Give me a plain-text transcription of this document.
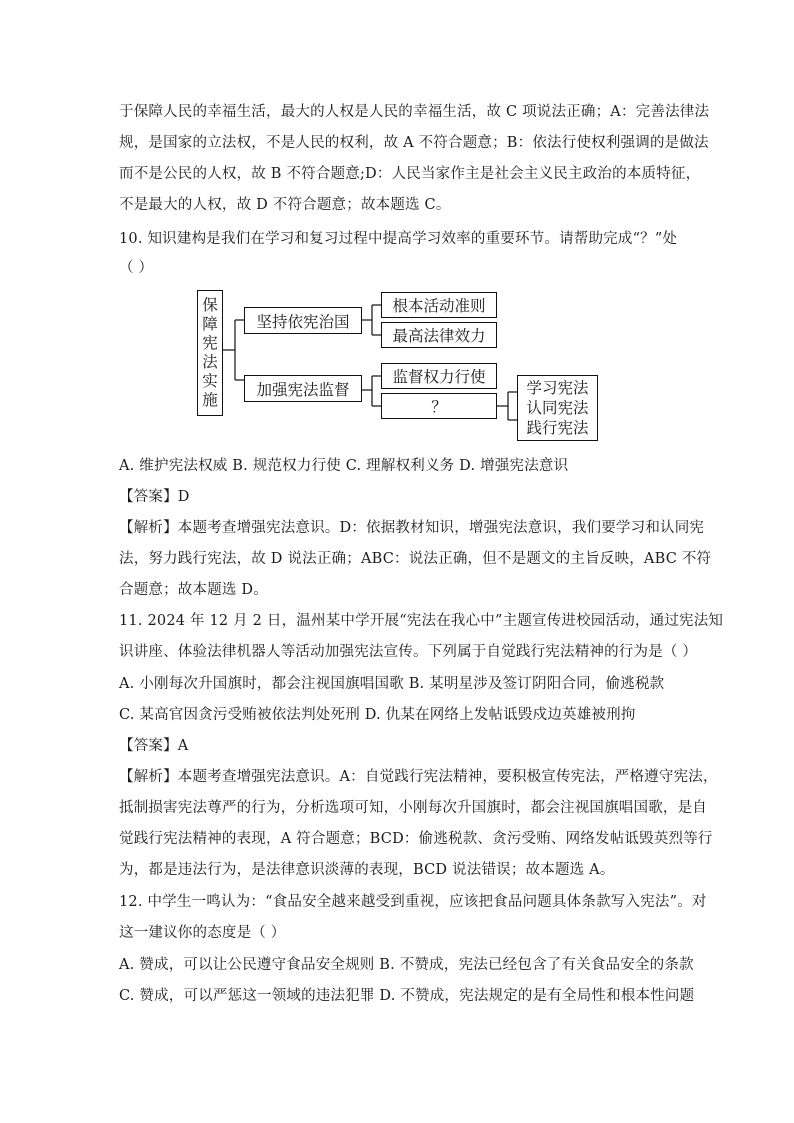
于保障人民的幸福生活，最大的人权是人民的幸福生活，故 C 项说法正确；A：完善法律法
规，是国家的立法权，不是人民的权利，故 A 不符合题意；B：依法行使权利强调的是做法
而不是公民的人权，故 B 不符合题意;D：人民当家作主是社会主义民主政治的本质特征，
不是最大的人权，故 D 不符合题意；故本题选 C。
10. 知识建构是我们在学习和复习过程中提高学习效率的重要环节。请帮助完成“？”处
（ ）
保
障
宪
法
实
施
坚持依宪治国
加强宪法监督
根本活动准则
最高法律效力
监督权力行使
？
学习宪法
认同宪法
践行宪法
A. 维护宪法权威 B. 规范权力行使 C. 理解权利义务 D. 增强宪法意识
【答案】D
【解析】本题考查增强宪法意识。D：依据教材知识，增强宪法意识，我们要学习和认同宪
法，努力践行宪法，故 D 说法正确；ABC：说法正确，但不是题文的主旨反映，ABC 不符
合题意；故本题选 D。
11. 2024 年 12 月 2 日，温州某中学开展“宪法在我心中”主题宣传进校园活动，通过宪法知
识讲座、体验法律机器人等活动加强宪法宣传。下列属于自觉践行宪法精神的行为是（ ）
A. 小刚每次升国旗时，都会注视国旗唱国歌 B. 某明星涉及签订阴阳合同，偷逃税款
C. 某高官因贪污受贿被依法判处死刑 D. 仇某在网络上发帖诋毁戍边英雄被刑拘
【答案】A
【解析】本题考查增强宪法意识。A：自觉践行宪法精神，要积极宣传宪法，严格遵守宪法，
抵制损害宪法尊严的行为，分析选项可知，小刚每次升国旗时，都会注视国旗唱国歌，是自
觉践行宪法精神的表现，A 符合题意；BCD：偷逃税款、贪污受贿、网络发帖诋毁英烈等行
为，都是违法行为，是法律意识淡薄的表现，BCD 说法错误；故本题选 A。
12. 中学生一鸣认为：“食品安全越来越受到重视，应该把食品问题具体条款写入宪法”。对
这一建议你的态度是（ ）
A. 赞成，可以让公民遵守食品安全规则 B. 不赞成，宪法已经包含了有关食品安全的条款
C. 赞成，可以严惩这一领域的违法犯罪 D. 不赞成，宪法规定的是有全局性和根本性问题
